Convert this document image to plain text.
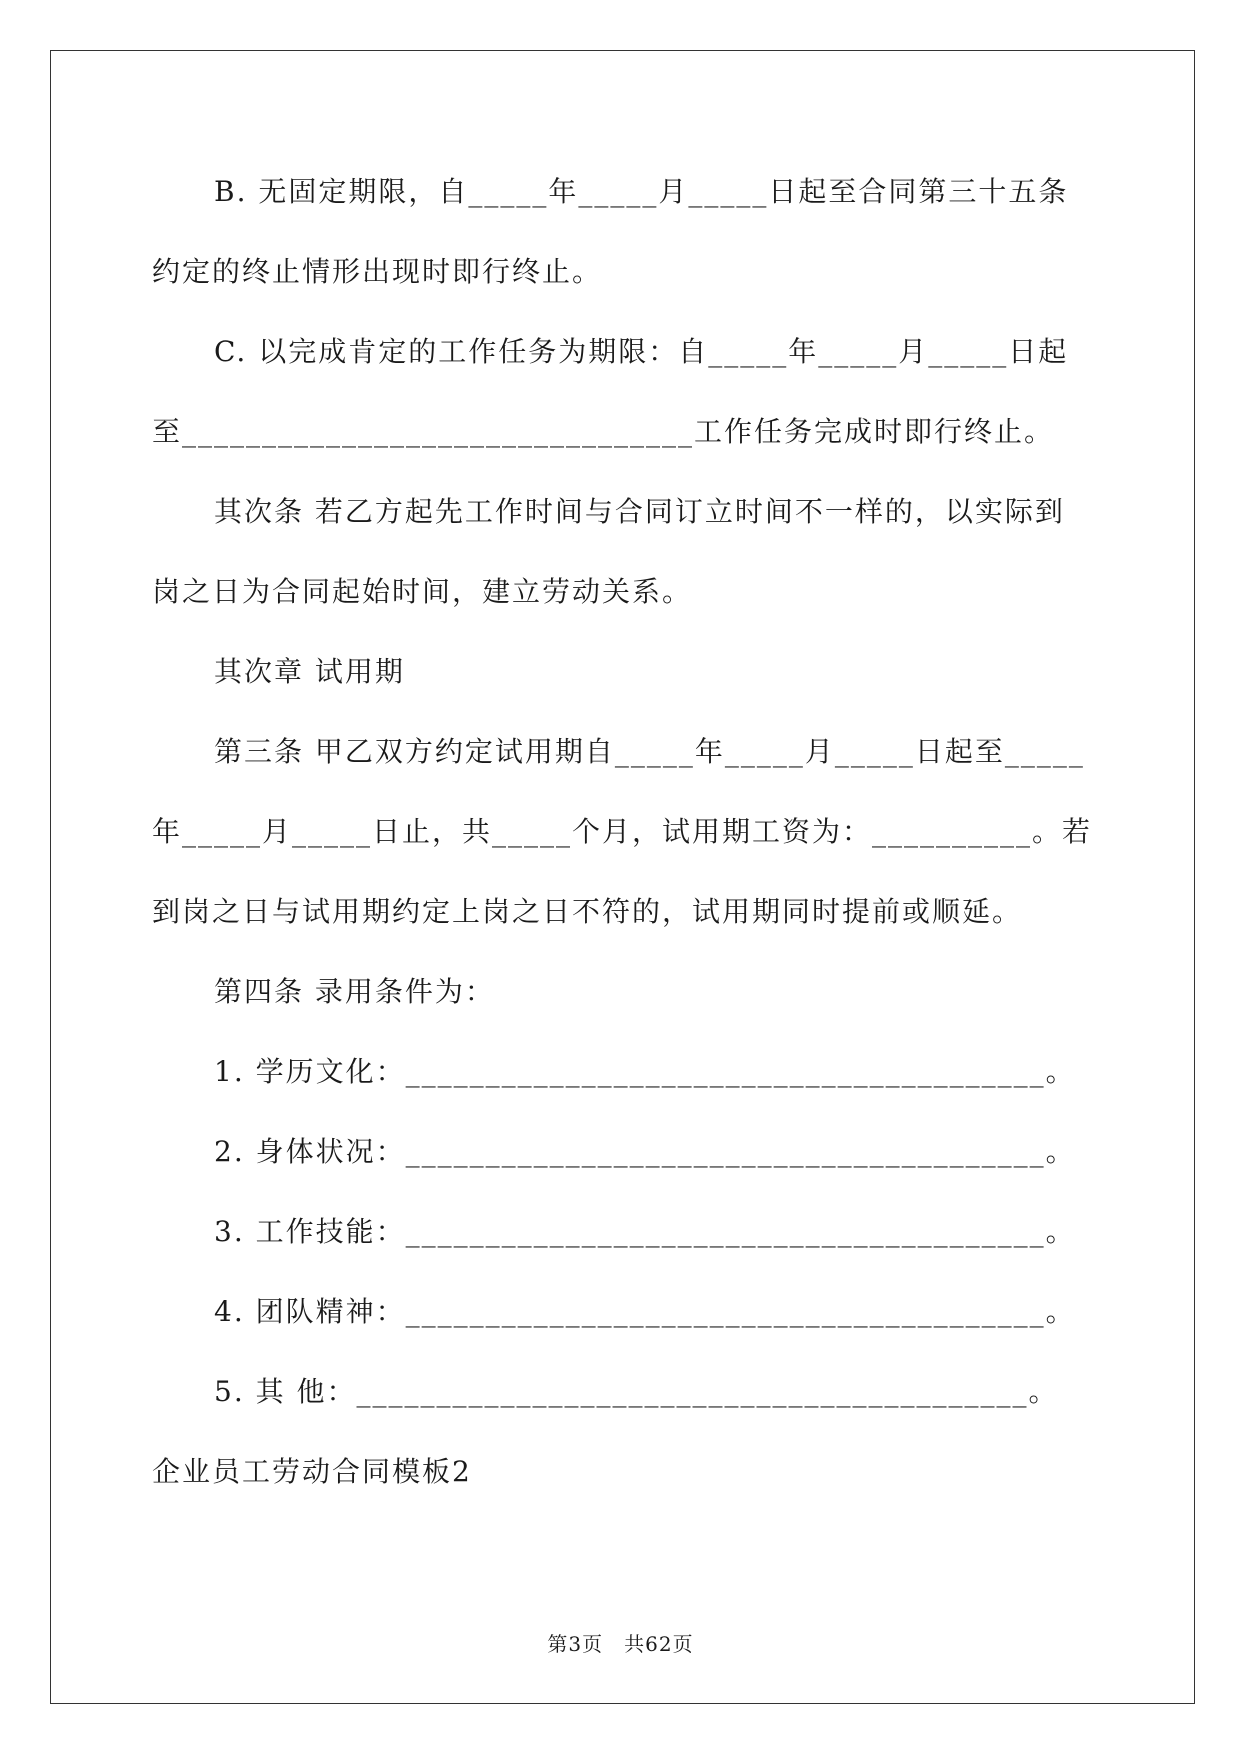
B. 无固定期限，自_____年_____月_____日起至合同第三十五条
约定的终止情形出现时即行终止。
C. 以完成肯定的工作任务为期限：自_____年_____月_____日起
至________________________________工作任务完成时即行终止。
其次条 若乙方起先工作时间与合同订立时间不一样的，以实际到
岗之日为合同起始时间，建立劳动关系。
其次章 试用期
第三条 甲乙双方约定试用期自_____年_____月_____日起至_____
年_____月_____日止，共_____个月，试用期工资为：__________。若
到岗之日与试用期约定上岗之日不符的，试用期同时提前或顺延。
第四条 录用条件为：
1. 学历文化：________________________________________。
2. 身体状况：________________________________________。
3. 工作技能：________________________________________。
4. 团队精神：________________________________________。
5. 其 他：__________________________________________。
企业员工劳动合同模板2
第3页　共62页
